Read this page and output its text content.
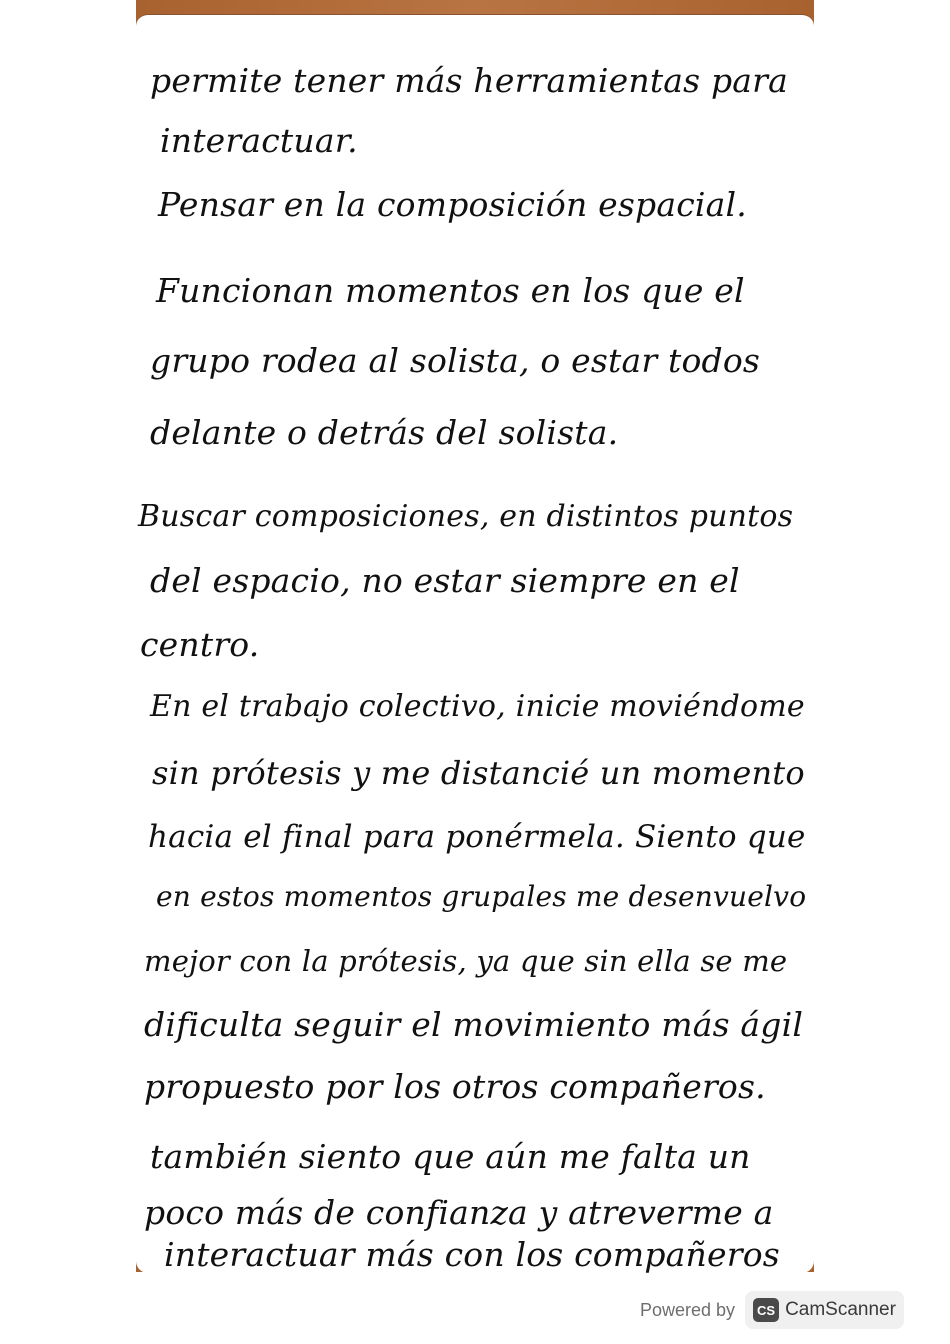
permite tener más herramientas para

interactuar.

Pensar en la composición espacial.

Funcionan momentos en los que el

grupo rodea al solista, o estar todos

delante o detrás del solista.

Buscar composiciones, en distintos puntos

del espacio, no estar siempre en el

centro.

En el trabajo colectivo, inicie moviéndome

sin prótesis y me distancié un momento

hacia el final para ponérmela. Siento que

en estos momentos grupales me desenvuelvo

mejor con la prótesis, ya que sin ella se me

dificulta seguir el movimiento más ágil

propuesto por los otros compañeros.

también siento que aún me falta un

poco más de confianza y atreverme a

interactuar más con los compañeros

Powered by	CS CamScanner
